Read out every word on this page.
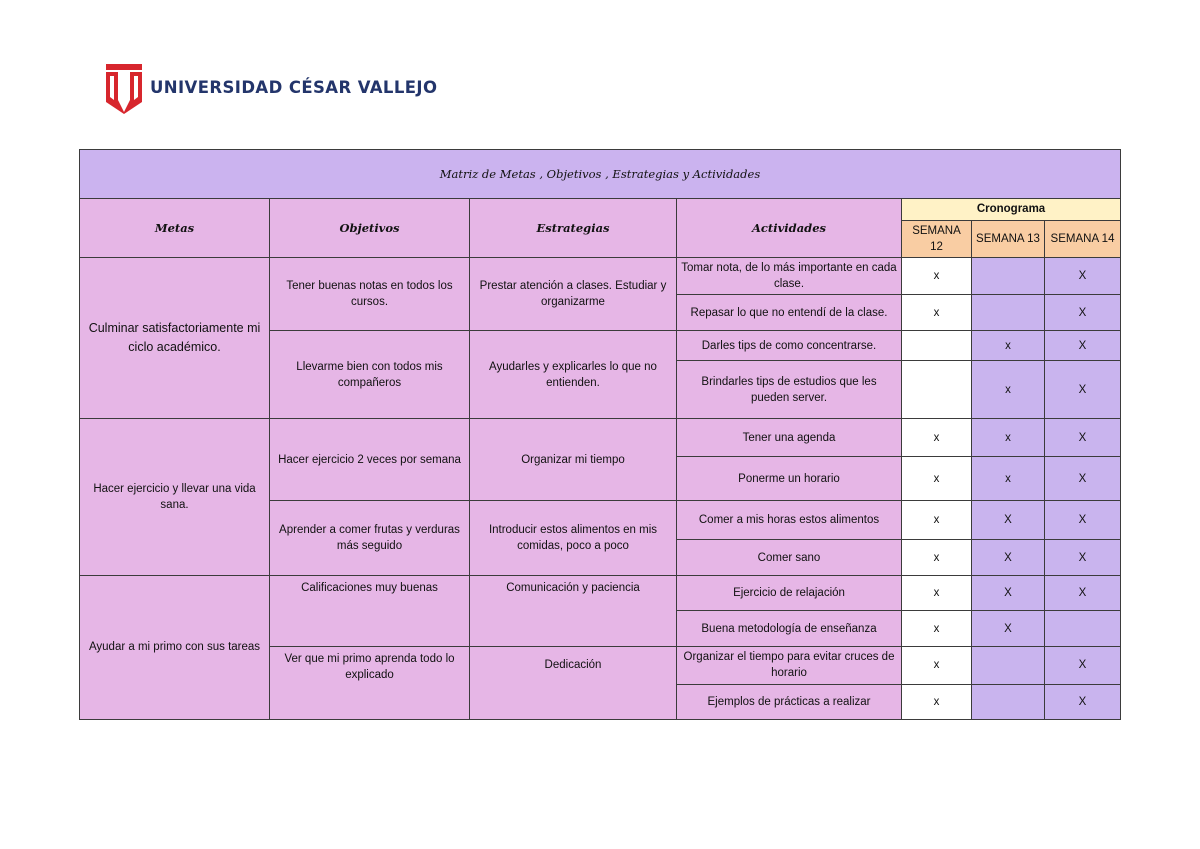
UNIVERSIDAD CÉSAR VALLEJO
Matriz de Metas , Objetivos , Estrategias y Actividades						
Metas	Objetivos	Estrategias	Actividades	Cronograma		
				SEMANA 12	SEMANA 13	SEMANA 14
Culminar satisfactoriamente mi ciclo académico.	Tener buenas notas en todos los cursos.	Prestar atención a clases. Estudiar y organizarme	Tomar nota, de lo más importante en cada clase.	x		X
			Repasar lo que no entendí de la clase.	x		X
	Llevarme bien con todos mis compañeros	Ayudarles y explicarles lo que no entienden.	Darles tips de como concentrarse.		x	X
			Brindarles tips de estudios que les pueden server.		x	X
Hacer ejercicio y llevar una vida sana.	Hacer ejercicio 2 veces por semana	Organizar mi tiempo	Tener una agenda	x	x	X
			Ponerme un horario	x	x	X
	Aprender a comer frutas y verduras más seguido	Introducir estos alimentos en mis comidas, poco a poco	Comer a mis horas estos alimentos	x	X	X
			Comer sano	x	X	X
Ayudar a mi primo con sus tareas	Calificaciones muy buenas	Comunicación y paciencia	Ejercicio de relajación	x	X	X
			Buena metodología de enseñanza	x	X	
	Ver que mi primo aprenda todo lo explicado	Dedicación	Organizar el tiempo para evitar cruces de horario	x		X
			Ejemplos de prácticas a realizar	x		X
